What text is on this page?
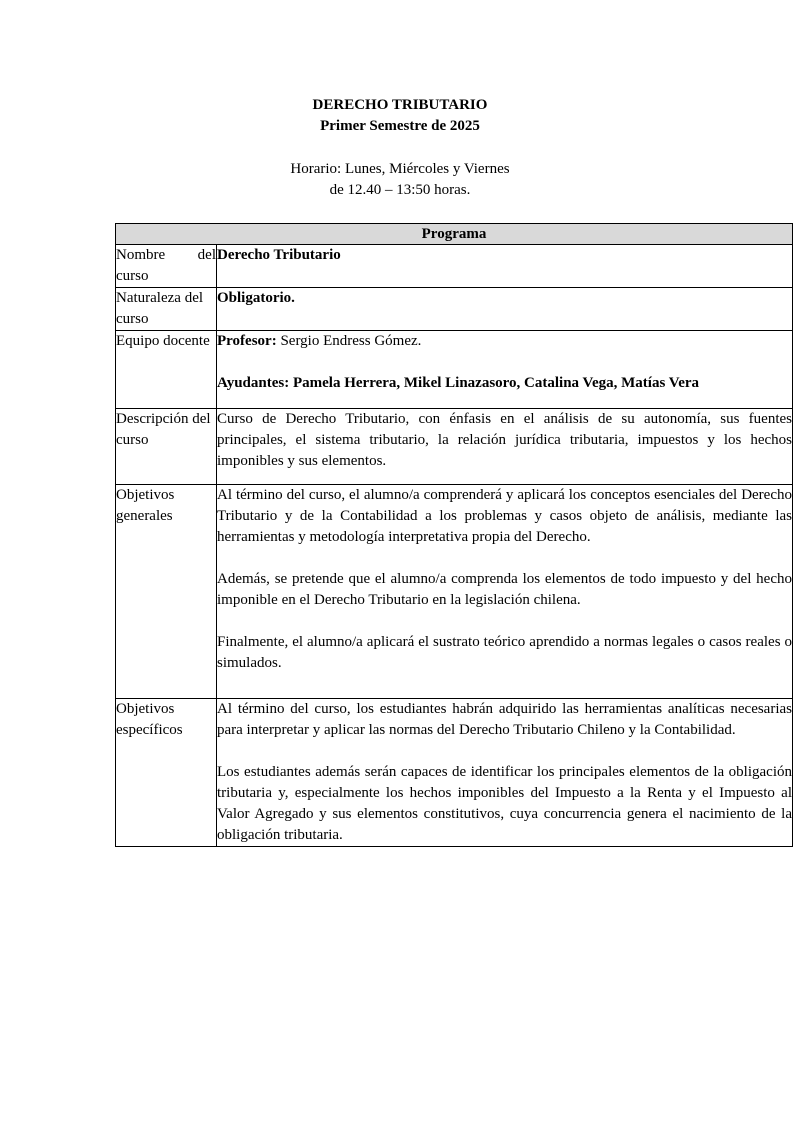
DERECHO TRIBUTARIO
Primer Semestre de 2025
Horario: Lunes, Miércoles y Viernes
de 12.40 – 13:50 horas.
Programa	
Nombre del curso	Derecho Tributario
Naturaleza del curso	Obligatorio.
Equipo docente	Profesor: Sergio Endress Gómez.

Ayudantes: Pamela Herrera, Mikel Linazasoro, Catalina Vega, Matías Vera

Descripción del curso	Curso de Derecho Tributario, con énfasis en el análisis de su autonomía, sus fuentes principales, el sistema tributario, la relación jurídica tributaria, impuestos y los hechos imponibles y sus elementos.

Objetivos generales	Al término del curso, el alumno/a comprenderá y aplicará los conceptos esenciales del Derecho Tributario y de la Contabilidad a los problemas y casos objeto de análisis, mediante las herramientas y metodología interpretativa propia del Derecho.

Además, se pretende que el alumno/a comprenda los elementos de todo impuesto y del hecho imponible en el Derecho Tributario en la legislación chilena.

Finalmente, el alumno/a aplicará el sustrato teórico aprendido a normas legales o casos reales o simulados.

Objetivos específicos	Al término del curso, los estudiantes habrán adquirido las herramientas analíticas necesarias para interpretar y aplicar las normas del Derecho Tributario Chileno y la Contabilidad.

Los estudiantes además serán capaces de identificar los principales elementos de la obligación tributaria y, especialmente los hechos imponibles del Impuesto a la Renta y el Impuesto al Valor Agregado y sus elementos constitutivos, cuya concurrencia genera el nacimiento de la obligación tributaria.
